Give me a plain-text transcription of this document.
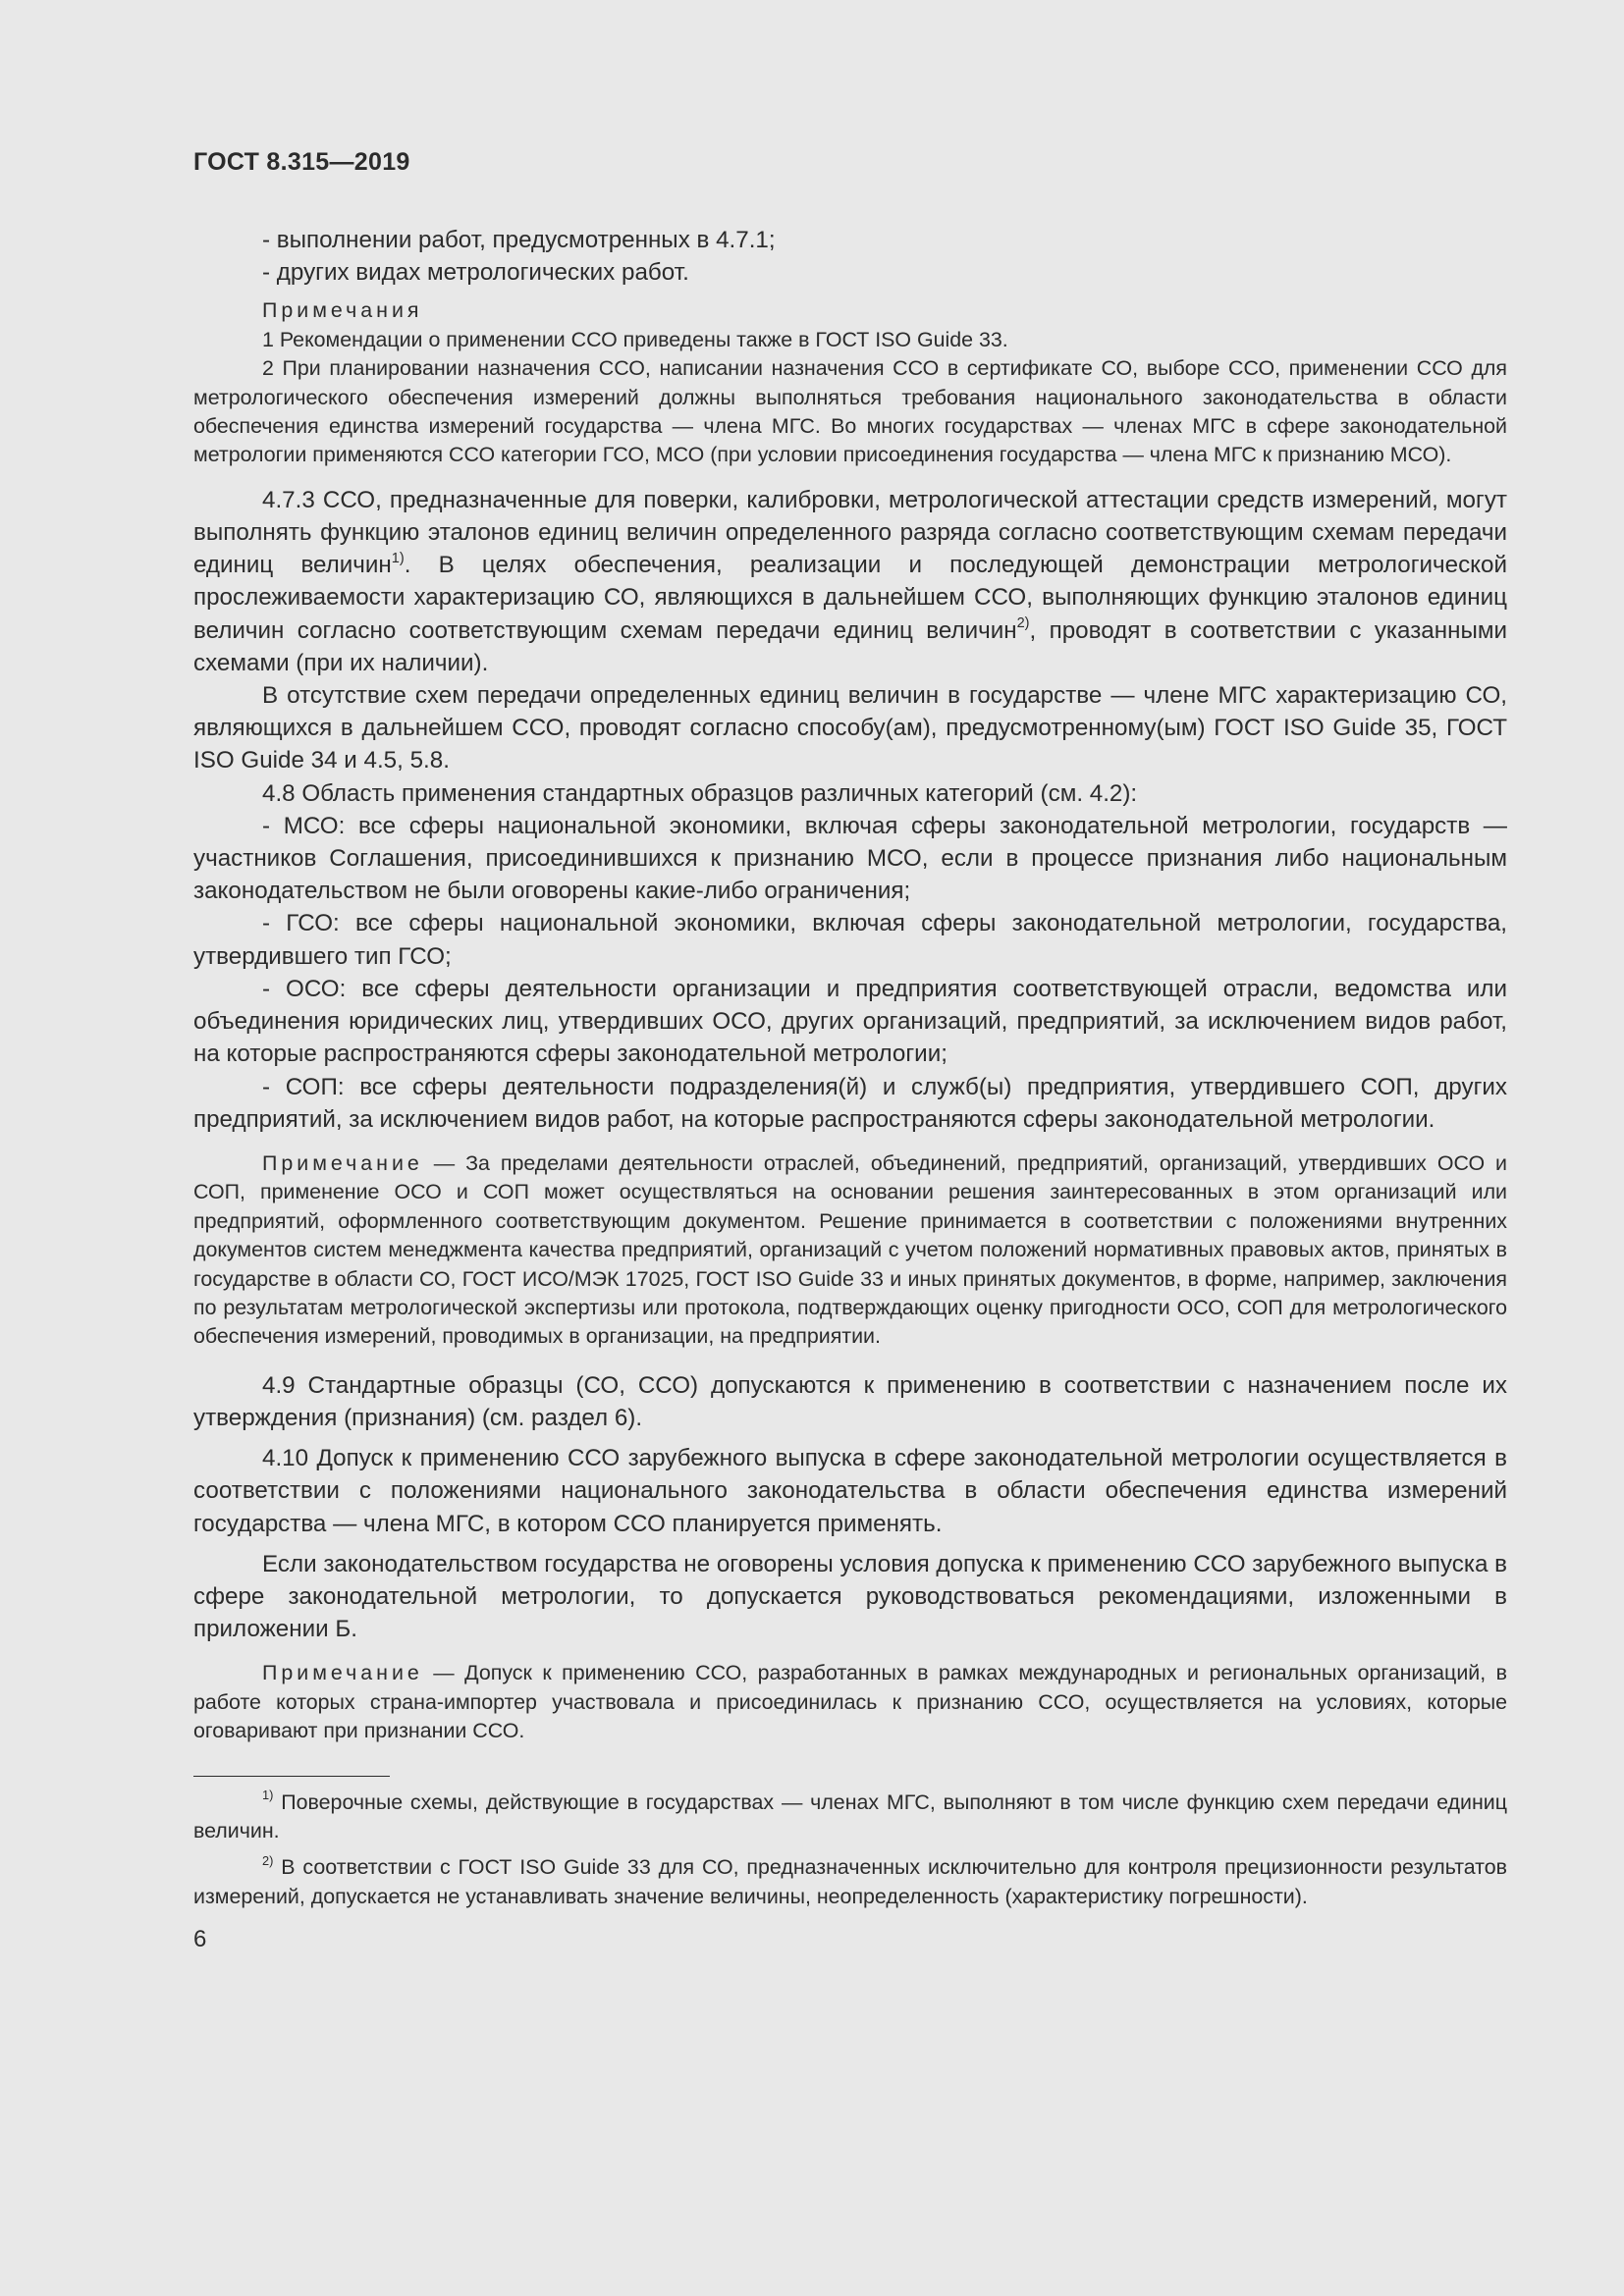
ГОСТ 8.315—2019

- выполнении работ, предусмотренных в 4.7.1;

- других видах метрологических работ.

Примечания

1 Рекомендации о применении ССО приведены также в ГОСТ ISO Guide 33.

2 При планировании назначения ССО, написании назначения ССО в сертификате СО, выборе ССО, применении ССО для метрологического обеспечения измерений должны выполняться требования национального законодательства в области обеспечения единства измерений государства — члена МГС. Во многих государствах — членах МГС в сфере законодательной метрологии применяются ССО категории ГСО, МСО (при условии присоединения государства — члена МГС к признанию МСО).

4.7.3 ССО, предназначенные для поверки, калибровки, метрологической аттестации средств измерений, могут выполнять функцию эталонов единиц величин определенного разряда согласно соответствующим схемам передачи единиц величин$^{1)}$. В целях обеспечения, реализации и последующей демонстрации метрологической прослеживаемости характеризацию СО, являющихся в дальнейшем ССО, выполняющих функцию эталонов единиц величин согласно соответствующим схемам передачи единиц величин$^{2)}$, проводят в соответствии с указанными схемами (при их наличии).

В отсутствие схем передачи определенных единиц величин в государстве — члене МГС характеризацию СО, являющихся в дальнейшем ССО, проводят согласно способу(ам), предусмотренному(ым) ГОСТ ISO Guide 35, ГОСТ ISO Guide 34 и 4.5, 5.8.

4.8 Область применения стандартных образцов различных категорий (см. 4.2):

- МСО: все сферы национальной экономики, включая сферы законодательной метрологии, государств — участников Соглашения, присоединившихся к признанию МСО, если в процессе признания либо национальным законодательством не были оговорены какие-либо ограничения;

- ГСО: все сферы национальной экономики, включая сферы законодательной метрологии, государства, утвердившего тип ГСО;

- ОСО: все сферы деятельности организации и предприятия соответствующей отрасли, ведомства или объединения юридических лиц, утвердивших ОСО, других организаций, предприятий, за исключением видов работ, на которые распространяются сферы законодательной метрологии;

- СОП: все сферы деятельности подразделения(й) и служб(ы) предприятия, утвердившего СОП, других предприятий, за исключением видов работ, на которые распространяются сферы законодательной метрологии.

Примечание — За пределами деятельности отраслей, объединений, предприятий, организаций, утвердивших ОСО и СОП, применение ОСО и СОП может осуществляться на основании решения заинтересованных в этом организаций или предприятий, оформленного соответствующим документом. Решение принимается в соответствии с положениями внутренних документов систем менеджмента качества предприятий, организаций с учетом положений нормативных правовых актов, принятых в государстве в области СО, ГОСТ ИСО/МЭК 17025, ГОСТ ISO Guide 33 и иных принятых документов, в форме, например, заключения по результатам метрологической экспертизы или протокола, подтверждающих оценку пригодности ОСО, СОП для метрологического обеспечения измерений, проводимых в организации, на предприятии.

4.9 Стандартные образцы (СО, ССО) допускаются к применению в соответствии с назначением после их утверждения (признания) (см. раздел 6).

4.10 Допуск к применению ССО зарубежного выпуска в сфере законодательной метрологии осуществляется в соответствии с положениями национального законодательства в области обеспечения единства измерений государства — члена МГС, в котором ССО планируется применять.

Если законодательством государства не оговорены условия допуска к применению ССО зарубежного выпуска в сфере законодательной метрологии, то допускается руководствоваться рекомендациями, изложенными в приложении Б.

Примечание — Допуск к применению ССО, разработанных в рамках международных и региональных организаций, в работе которых страна-импортер участвовала и присоединилась к признанию ССО, осуществляется на условиях, которые оговаривают при признании ССО.

$^{1)}$ Поверочные схемы, действующие в государствах — членах МГС, выполняют в том числе функцию схем передачи единиц величин.

$^{2)}$ В соответствии с ГОСТ ISO Guide 33 для СО, предназначенных исключительно для контроля прецизионности результатов измерений, допускается не устанавливать значение величины, неопределенность (характеристику погрешности).

6
